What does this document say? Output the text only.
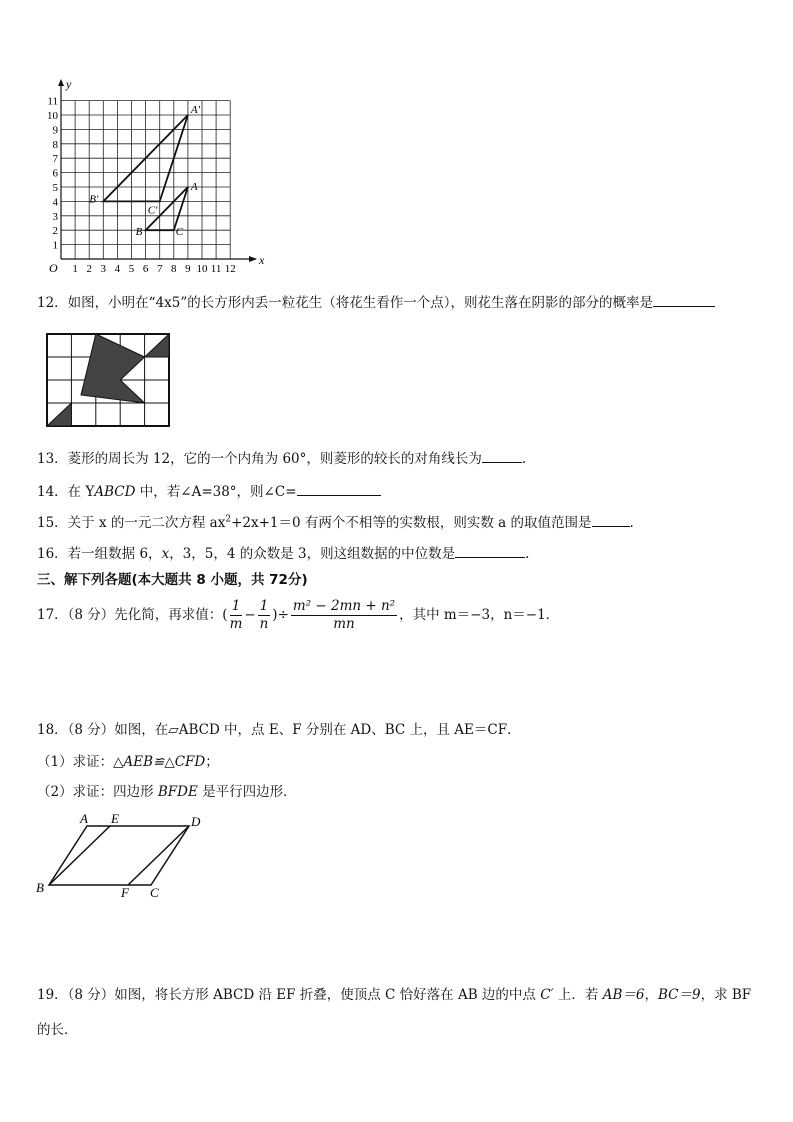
y
x
O
1
2
3
4
5
6
7
8
9
10
11
1 2 3 4 5 6 7 8 9 10 11 12
A'
B'
C'
A
B	C
12．如图，小明在“4x5”的长方形内丢一粒花生（将花生看作一个点），则花生落在阴影的部分的概率是
13．菱形的周长为 12，它的一个内角为 60°，则菱形的较长的对角线长为	.
14．在 YABCD 中，若∠A=38°，则∠C=
15．关于 x 的一元二次方程 $ax^2+2x+1=0$ 有两个不相等的实数根，则实数 a 的取值范围是	.
16．若一组数据 6，x，3，5，4 的众数是 3，则这组数据的中位数是	.
三、解下列各题(本大题共 8 小题，共 72分)
17．（8 分）先化简，再求值：( $\frac{1}{m} - \frac{1}{n}$ )÷ $\frac{\text{m² − 2mn + n²}}{mn}$ ，其中 m＝−3，n＝−1．
18．（8 分）如图，在▱ABCD 中，点 E、F 分别在 AD、BC 上，且 AE＝CF．
（1）求证：△AEB≌△CFD；
（2）求证：四边形 BFDE 是平行四边形．
A E	D
B	F C
19．（8 分）如图，将长方形 ABCD 沿 EF 折叠，使顶点 C 恰好落在 AB 边的中点 C′ 上．若 AB＝6，BC＝9，求 BF
的长．
